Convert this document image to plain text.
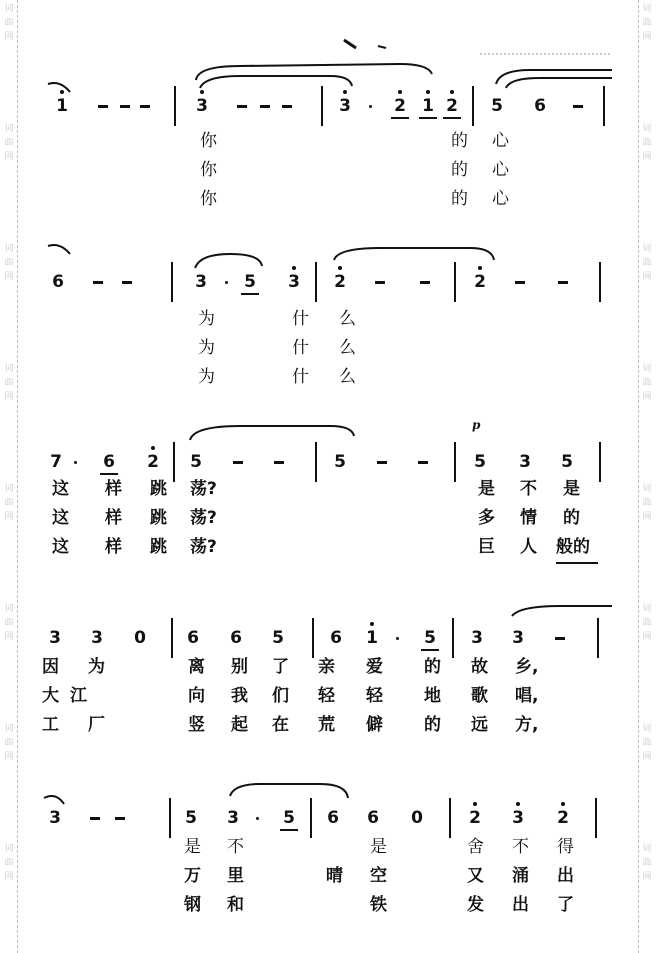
词
曲
网
词
曲
网
词
曲
网
词
曲
网
词
曲
网
词
曲
网
词
曲
网
词
曲
网
词
曲
网
词
曲
网
词
曲
网
词
曲
网
词
曲
网
词
曲
网
词
曲
网
词
曲
网
1	3	3	2 1 2 5 6
你	的 心
你	的 心
你	的 心
6	3 5 3 2	2
为	什 么
为	什 么
为	什 么
7 6 2 5	5	5 3 5
这 样 跳 荡?	是 不 是
这 样 跳 荡?	多 情 的
这 样 跳 荡?	巨 人 般的
3 3 0 6 6 5	6 1	5 3 3
因 为	离 别 了 亲 爱 的 故 乡,
大 江	向 我 们 轻 轻 地 歌 唱,
工 厂	竖 起 在 荒 僻 的 远 方,
3	5 3	5 6 6 0	2 3 2
是 不	是	舍 不 得
万 里	晴 空	又 涌 出
钢 和	铁	发 出 了
p
